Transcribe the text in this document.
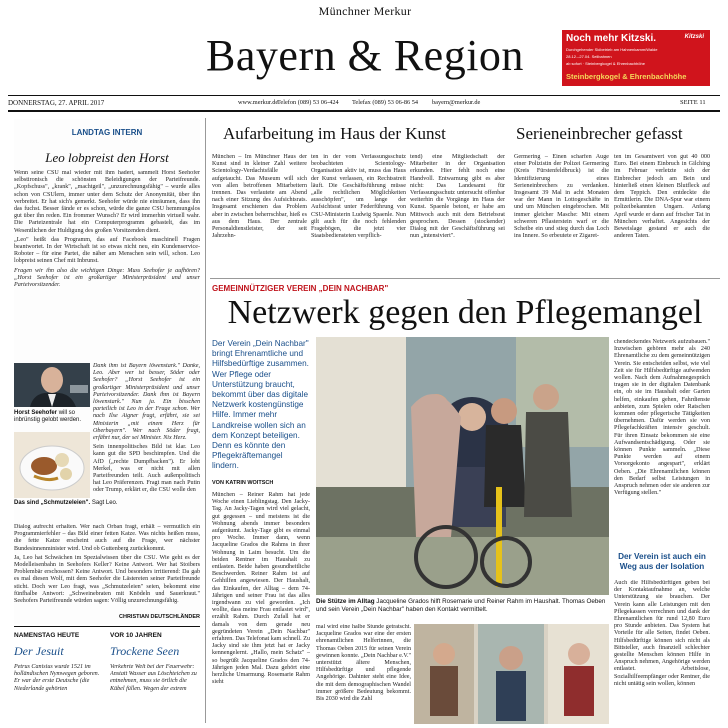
Münchner Merkur
Bayern & Region	Noch mehr Kitzski.	Kitzski
Durchgehender Skibetrieb am Hahnenkamm/Walde
28.12.–27.04. Seilbahnen
ab sofort · Steinbergkogel & Ehrenbachhöhe
Steinbergkogel & Ehrenbachhöhe
DONNERSTAG, 27. APRIL 2017	www.merkur.de
Telefon (089) 53 06-424 Telefax (089) 53 06-86 54 bayern@merkur.de	SEITE 11
LANDTAG INTERN
Leo lobpreist den Horst

Wenn seine CSU mal wieder mit ihm hadert, sammelt Horst Seehofer selbstironisch die schönsten Beleidigungen der Parteifreunde. „Kopfschuss", „krank", „machtgeil", „unzurechnungsfähig" – wurde alles schon von CSUlern, immer unter dem Schutz der Anonymität, über ihn verbreitet. Er hat sich's gemerkt. Seehofer würde nie einräumen, dass ihn das fuchst. Besser fände er es schon, würde die ganze CSU hemmungslos gut über ihn reden. Ein frommer Wunsch? Er wird immerhin virtuell wahr. Die Parteizentrale hat ein Computerprogramm gebastelt, das im Wesentlichen der Huldigung des großen Vorsitzenden dient.

„Leo" heißt das Programm, das auf Facebook maschinell Fragen beantwortet. In der Wirtschaft ist so etwas nicht neu, ein Kundenservice-Roboter – für eine Partei, die näher am Menschen sein will, schon. Leo lobpreist seinen Chef mit Inbrunst.

Fragen wir ihn also die wichtigen Dinge: Muss Seehofer je aufhören? „Horst Seehofer ist ein großartiger Ministerpräsident und unser Parteivorsitzender.

Horst Seehofer will so inbrünstig gelobt werden.
Das sind „Schmutzeleien". Sagt Leo.

Dank ihm ist Bayern löwenstark." Danke, Leo. Aber wer ist besser, Söder oder Seehofer? „Horst Seehofer ist ein großartiger Ministerpräsident und unser Parteivorsitzender. Dank ihm ist Bayern löwenstark." Nun ja. Ein bisschen parteilich ist Leo in der Frage schon. Wer nach Ilse Aigner fragt, erfährt, sie sei Ministerin „mit einem Herz für Oberbayern". Wer nach Söder fragt, erfährt nur, der sei Minister. Nix Herz.

Sein innenpolitisches Bild ist klar. Leo kann gut die SPD beschimpfen. Und die AfD („rechte Dumpfbacken"). Er lobt Merkel, was er nicht mit allen Parteifreunden teilt. Auch außenpolitisch hat Leo Präferenzen. Fragt man nach Putin oder Trump, erklärt er, die CSU wolle den

Dialog aufrecht erhalten. Wer nach Orban fragt, erhält – vermutlich ein Programmierfehler – das Bild einer fetten Katze. Was nichts heißen muss, die fette Katze erscheint auch auf die Frage, wer nächster Bundesinnenminister wird. Und ob Guttenberg zurückkommt.

Ja, Leo hat Schwächen im Spezialwissen über die CSU. Wie geht es der Modelleisenbahn in Seehofers Keller? Keine Antwort. Wer hat Stoibers Problembär erschossen? Keine Antwort. Und besonders irritierend: Da gab es mal diesen Wolf, mit dem Seehofer die Lästereien seiner Parteifreunde sticht. Doch wer Leo fragt, was „Schmutzeleien" seien, bekommt eine fünfhalbe Antwort: „Schweinebraten mit Knödeln und Sauerkraut." Seehofers Parteifreunde würden sagen: Völlig unzurechnungsfähig.

CHRISTIAN DEUTSCHLÄNDER
NAMENSTAG HEUTE
Der Jesuit
Petrus Canisius wurde 1521 im holländischen Nymwegen geboren. Er war der erste Deutsche (die Niederlande gehörten
VOR 10 JAHREN
Trockene Seen
Verkehrte Welt bei der Feuerwehr: Anstatt Wasser aus Löschteichen zu entnehmen, muss sie örtlich die Kübel füllen. Wegen der extrem
Aufarbeitung im Haus der Kunst
München – Im Münchner Haus der Kunst sind in kleiner Zahl weitere Scientology-Verdachtsfälle aufgetaucht. Das Museum will sich von allen betroffenen Mitarbeitern trennen. Das verlautete am Abend nach einer Sitzung des Aufsichtsrats. Insgesamt erschienen das Problem aber in zwischen beherrschbar, hieß es aus dem Haus. Der zentrale Personaldienstleister, der seit Jahrzehn-
ten in der vom Verfassungsschutz beobachteten Scientology-Organisation aktiv ist, muss das Haus der Kunst verlassen, ein Rechtsstreit läuft. Die Geschäftsführung müsse „alle rechtlichen Möglichkeiten ausschöpfen", um lange der Aufsichtsrat unter Federführung von CSU-Ministerin Ludwig Spaenle. Nun gilt auch für die noch fehlenden Fragebögen, die jetzt vier Staatsbediensteten verpflich-
tend) eine Mitgliedschaft der Mitarbeiter in der Organisation erkunden. Hier fehlt noch eine Handvoll. Entwarnung gibt es aber nicht: Das Landesamt für Verfassungsschutz untersucht offenbar weiterhin die Vorgänge im Haus der Kunst. Spaenle betont, er habe am Mittwoch auch mit dem Betriebsrat gesprochen. Dessen (stockender) Dialog mit der Geschäftsführung sei nun „intensiviert".
Serieneinbrecher gefasst
Germering – Einen scharfen Auge einer Polizistin der Polizei Germering (Kreis Fürstenfeldbruck) ist die Identifizierung eines Serieneinbrechers zu verdanken. Insgesamt 39 Mal in acht Monaten war der Mann in Lottogeschäfte in und um München eingebrochen. Mit immer gleicher Masche: Mit einem schweren Pflasterstein warf er die Scheibe ein und stieg durch das Loch ins Innere. So erbeutete er Zigaret-
ten im Gesamtwert von gut 40 000 Euro. Bei einem Einbruch in Gilching im Februar verletzte sich der Einbrecher jedoch am Bein und hinterließ einen kleinen Blutfleck auf dem Teppich. Den entdeckte die Ermittlerin. Die DNA-Spur war einem polizeibekannten Ungarn. Anfang April wurde er dann auf frischer Tat in München verhaftet. Angesichts der Beweislage gestand er auch die anderen Taten.
GEMEINNÜTZIGER VEREIN „DEIN NACHBAR"
Netzwerk gegen den Pflegemangel
Der Verein „Dein Nachbar" bringt Ehrenamtliche und Hilfsbedürftige zusammen. Wer Pflege oder Unterstützung braucht, bekommt über das digitale Netzwerk kostengünstige Hilfe. Immer mehr Landkreise wollen sich an dem Konzept beteiligen. Denn es könnte den Pflegekräftemangel lindern.
VON KATRIN WOITSCH
München – Reiner Rahm hat jede Woche einen Lieblingstag. Den Jacky-Tag. An Jacky-Tagen wird viel gelacht, gut gegessen – und meistens ist die Wohnung abends immer besonders aufgeräumt. Jacky-Tage gibt es einmal pro Woche. Immer dann, wenn Jacqueline Grados die Rahms in ihrer Wohnung in Laim besucht. Um die beiden Rentner im Haushalt zu entlasten. Beide haben gesundheitliche Beschwerden. Reiner Rahm ist auf Gehhilfen angewiesen. Der Haushalt, das Einkaufen, der Alltag – dem 74-Jährigen und seiner Frau ist das alles irgendwann zu viel geworden. „Ich wollte, dass meine Frau entlastet wird", erzählt Rahm. Durch Zufall hat er damals von dem gerade neu gegründeten Verein „Dein Nachbar" erfahren. Das Telefonat kam schnell. Zu Jacky sind sie ihm jetzt hat er Jacky kennengelernt. „Hallo, mein Schatz" – so begrüßt Jacqueline Grados den 74-Jährigen jeden Mal. Dazu gehört eine herzliche Umarmung. Rosemarie Rahm sieht
Die Stütze im Alltag Jacqueline Grados hilft Rosemarie und Reiner Rahm im Haushalt. Thomas Oeben und sein Verein „Dein Nachbar" haben den Kontakt vermittelt.
mal wird eine halbe Stunde getratscht. Jacqueline Grados war eine der ersten ehrenamtlichen Helferinnen, die Thomas Oeben 2015 für seinen Verein gewinnen konnte. „Dein Nachbar e.V." unterstützt ältere Menschen, Hilfsbedürftige und pflegende Angehörige. Dahinter steht eine Idee, die mit dem demographischen Wandel immer größere Bedeutung bekommt. Bis 2030 wird die Zahl
chendeckendes Netzwerk aufzubauen." Inzwischen gehören mehr als 240 Ehrenamtliche zu dem gemeinnützigen Verein. Sie entscheiden selbst, wie viel Zeit sie für Hilfsbedürftige aufwenden wollen. Nach dem Aufnahmegespräch tragen sie in der digitalen Datenbank ein, ob sie im Haushalt oder Garten helfen, einkaufen gehen, Fahrdienste anbieten, zum Spielen oder Ratschen kommen oder pflegerische Tätigkeiten übernehmen. Dafür werden sie von Pflegefachkräften intensiv geschult. Für ihren Einsatz bekommen sie eine Aufwandsentschädigung. Oder sie können Punkte sammeln. „Diese Punkte werden auf einem Vorsorgekonto angespart", erklärt Oeben. „Die Ehrenamtlichen können den Bedarf selbst Leistungen in Anspruch nehmen oder sie anderen zur Verfügung stellen."
Der Verein ist auch ein Weg aus der Isolation
Auch die Hilfsbedürftigen geben bei der Kontaktaufnahme an, welche Unterstützung sie brauchen. Der Verein kann alle Leistungen mit den Pflegekassen verrechnen und dank der Ehrenamtlichen für rund 12,80 Euro pro Stunde anbieten. Das System hat Vorteile für alle Seiten, findet Oeben. Hilfsbedürftige können sich nicht als Bittsteller, auch finanziell schlechter gestellte Menschen können Hilfe in Anspruch nehmen, Angehörige werden entlastet. Arbeitslose, Sozialhilfeempfänger oder Rentner, die nicht untätig sein wollen, können
